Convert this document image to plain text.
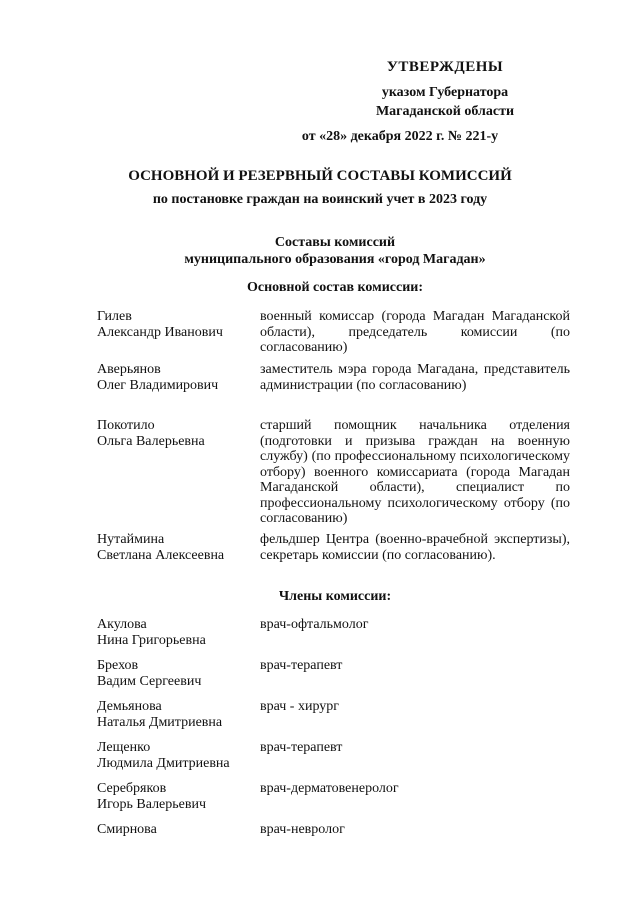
УТВЕРЖДЕНЫ
указом Губернатора
Магаданской области
от «28» декабря 2022 г. № 221-у
ОСНОВНОЙ И РЕЗЕРВНЫЙ СОСТАВЫ КОМИССИЙ
по постановке граждан на воинский учет в 2023 году
Составы комиссий
муниципального образования «город Магадан»
Основной состав комиссии:
Гилев
Александр Иванович
военный комиссар (города Магадан Магаданской области), председатель комиссии (по согласованию)
Аверьянов
Олег Владимирович
заместитель мэра города Магадана, представитель администрации (по согласованию)
Покотило
Ольга Валерьевна
старший помощник начальника отделения (подготовки и призыва граждан на военную службу) (по профессиональному психологическому отбору) военного комиссариата (города Магадан Магаданской области), специалист по профессиональному психологическому отбору (по согласованию)
Нутаймина
Светлана Алексеевна
фельдшер Центра (военно-врачебной экспертизы), секретарь комиссии (по согласованию).
Члены комиссии:
Акулова
Нина Григорьевна
врач-офтальмолог
Брехов
Вадим Сергеевич
врач-терапевт
Демьянова
Наталья Дмитриевна
врач - хирург
Лещенко
Людмила Дмитриевна
врач-терапевт
Серебряков
Игорь Валерьевич
врач-дерматовенеролог
Смирнова	врач-невролог
